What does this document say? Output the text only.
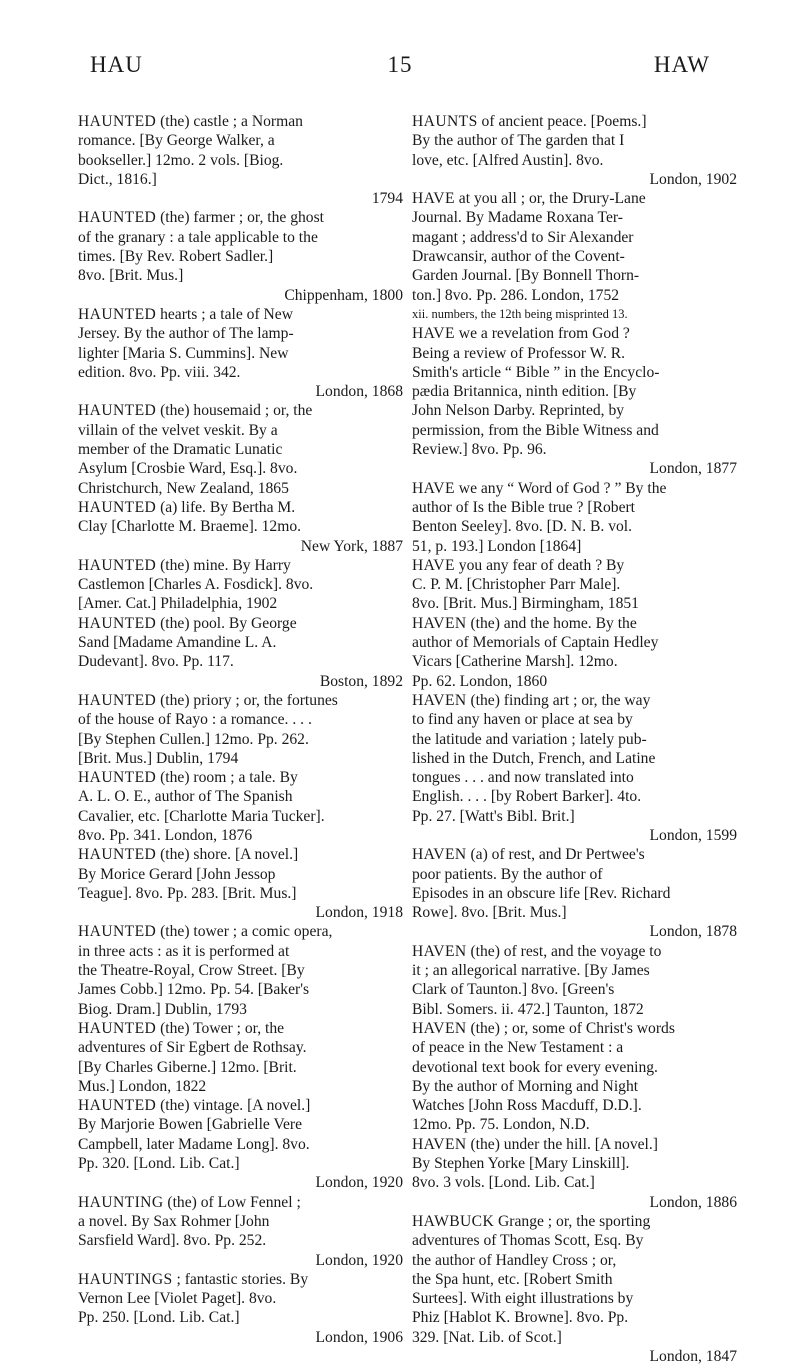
HAU	15	HAW

HAUNTED (the) castle ; a Norman
romance. [By George Walker, a
bookseller.] 12mo. 2 vols. [Biog.
Dict., 1816.]
1794

HAUNTED (the) farmer ; or, the ghost
of the granary : a tale applicable to the
times. [By Rev. Robert Sadler.]
8vo. [Brit. Mus.]
Chippenham, 1800

HAUNTED hearts ; a tale of New
Jersey. By the author of The lamp-
lighter [Maria S. Cummins]. New
edition. 8vo. Pp. viii. 342.
London, 1868

HAUNTED (the) housemaid ; or, the
villain of the velvet veskit. By a
member of the Dramatic Lunatic
Asylum [Crosbie Ward, Esq.]. 8vo.
Christchurch, New Zealand, 1865

HAUNTED (a) life. By Bertha M.
Clay [Charlotte M. Braeme]. 12mo.
New York, 1887

HAUNTED (the) mine. By Harry
Castlemon [Charles A. Fosdick]. 8vo.
[Amer. Cat.] Philadelphia, 1902

HAUNTED (the) pool. By George
Sand [Madame Amandine L. A.
Dudevant]. 8vo. Pp. 117.
Boston, 1892

HAUNTED (the) priory ; or, the fortunes
of the house of Rayo : a romance. . . .
[By Stephen Cullen.] 12mo. Pp. 262.
[Brit. Mus.] Dublin, 1794

HAUNTED (the) room ; a tale. By
A. L. O. E., author of The Spanish
Cavalier, etc. [Charlotte Maria Tucker].
8vo. Pp. 341. London, 1876

HAUNTED (the) shore. [A novel.]
By Morice Gerard [John Jessop
Teague]. 8vo. Pp. 283. [Brit. Mus.]
London, 1918

HAUNTED (the) tower ; a comic opera,
in three acts : as it is performed at
the Theatre-Royal, Crow Street. [By
James Cobb.] 12mo. Pp. 54. [Baker's
Biog. Dram.] Dublin, 1793

HAUNTED (the) Tower ; or, the
adventures of Sir Egbert de Rothsay.
[By Charles Giberne.] 12mo. [Brit.
Mus.] London, 1822

HAUNTED (the) vintage. [A novel.]
By Marjorie Bowen [Gabrielle Vere
Campbell, later Madame Long]. 8vo.
Pp. 320. [Lond. Lib. Cat.]
London, 1920

HAUNTING (the) of Low Fennel ;
a novel. By Sax Rohmer [John
Sarsfield Ward]. 8vo. Pp. 252.
London, 1920

HAUNTINGS ; fantastic stories. By
Vernon Lee [Violet Paget]. 8vo.
Pp. 250. [Lond. Lib. Cat.]
London, 1906

HAUNTS of ancient peace. [Poems.]
By the author of The garden that I
love, etc. [Alfred Austin]. 8vo.
London, 1902

HAVE at you all ; or, the Drury-Lane
Journal. By Madame Roxana Ter-
magant ; address'd to Sir Alexander
Drawcansir, author of the Covent-
Garden Journal. [By Bonnell Thorn-
ton.] 8vo. Pp. 286. London, 1752
xii. numbers, the 12th being misprinted 13.

HAVE we a revelation from God ?
Being a review of Professor W. R.
Smith's article “ Bible ” in the Encyclo-
pædia Britannica, ninth edition. [By
John Nelson Darby. Reprinted, by
permission, from the Bible Witness and
Review.] 8vo. Pp. 96.
London, 1877

HAVE we any “ Word of God ? ” By the
author of Is the Bible true ? [Robert
Benton Seeley]. 8vo. [D. N. B. vol.
51, p. 193.] London [1864]

HAVE you any fear of death ? By
C. P. M. [Christopher Parr Male].
8vo. [Brit. Mus.] Birmingham, 1851

HAVEN (the) and the home. By the
author of Memorials of Captain Hedley
Vicars [Catherine Marsh]. 12mo.
Pp. 62. London, 1860

HAVEN (the) finding art ; or, the way
to find any haven or place at sea by
the latitude and variation ; lately pub-
lished in the Dutch, French, and Latine
tongues . . . and now translated into
English. . . . [by Robert Barker]. 4to.
Pp. 27. [Watt's Bibl. Brit.]
London, 1599

HAVEN (a) of rest, and Dr Pertwee's
poor patients. By the author of
Episodes in an obscure life [Rev. Richard
Rowe]. 8vo. [Brit. Mus.]
London, 1878

HAVEN (the) of rest, and the voyage to
it ; an allegorical narrative. [By James
Clark of Taunton.] 8vo. [Green's
Bibl. Somers. ii. 472.] Taunton, 1872

HAVEN (the) ; or, some of Christ's words
of peace in the New Testament : a
devotional text book for every evening.
By the author of Morning and Night
Watches [John Ross Macduff, D.D.].
12mo. Pp. 75. London, N.D.

HAVEN (the) under the hill. [A novel.]
By Stephen Yorke [Mary Linskill].
8vo. 3 vols. [Lond. Lib. Cat.]
London, 1886

HAWBUCK Grange ; or, the sporting
adventures of Thomas Scott, Esq. By
the author of Handley Cross ; or,
the Spa hunt, etc. [Robert Smith
Surtees]. With eight illustrations by
Phiz [Hablot K. Browne]. 8vo. Pp.
329. [Nat. Lib. of Scot.]
London, 1847
